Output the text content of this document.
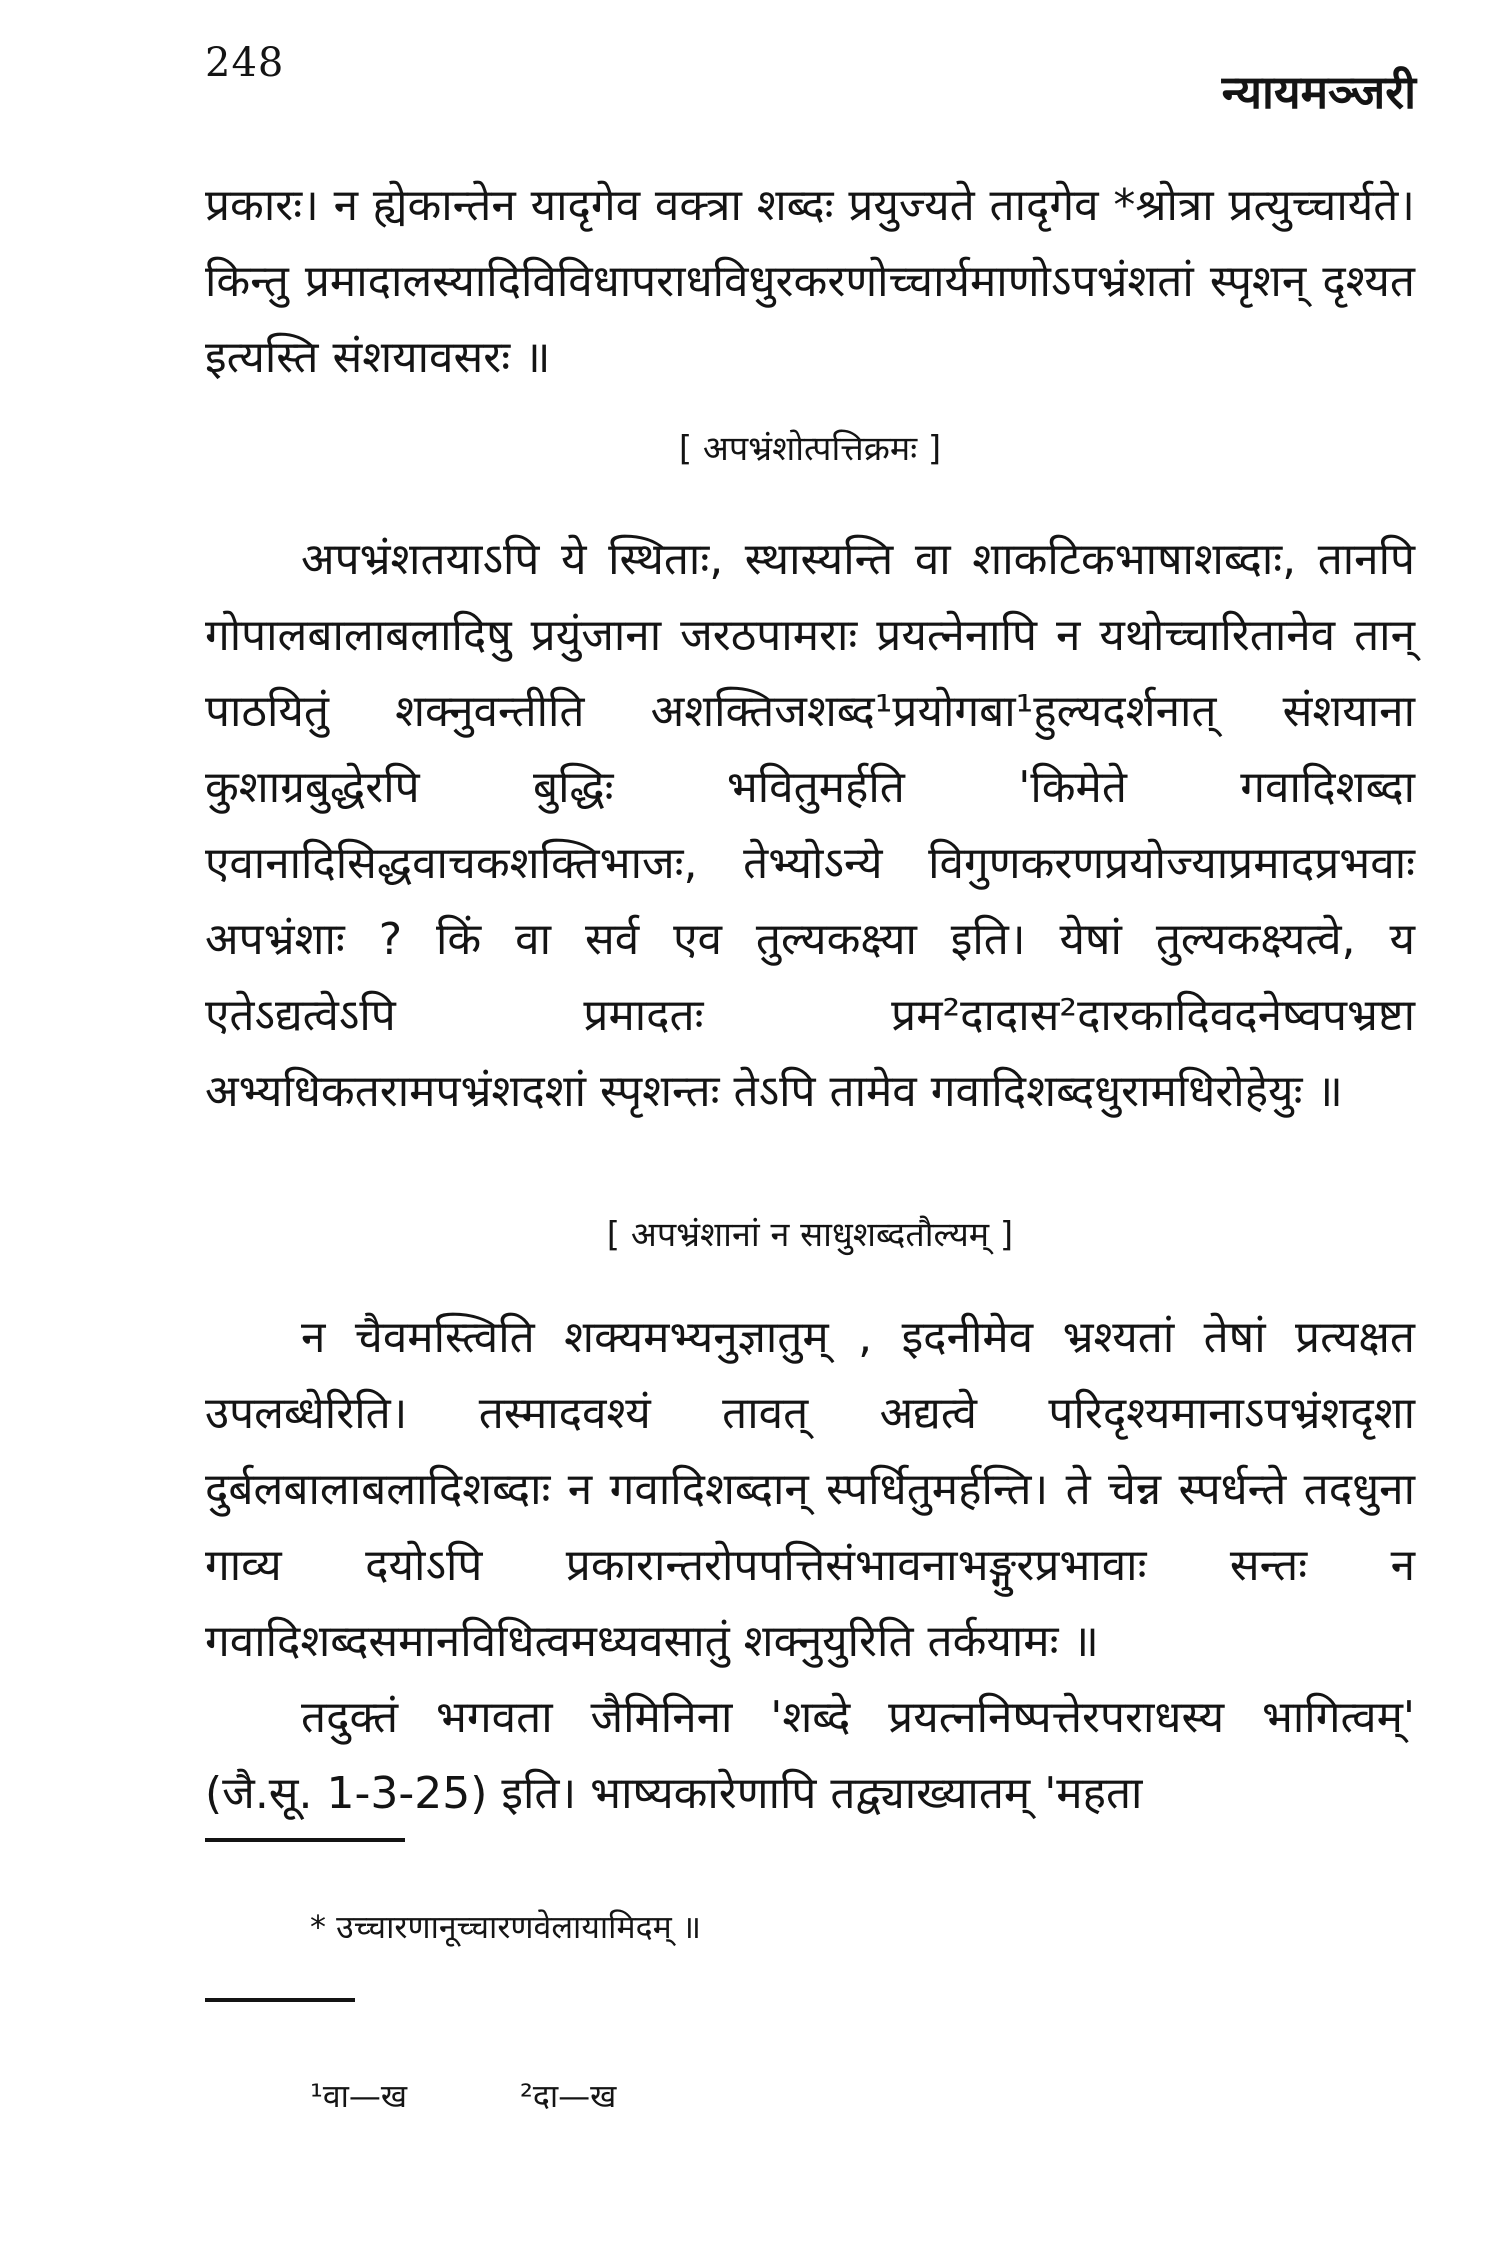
248
न्यायमञ्जरी

प्रकारः। न ह्येकान्तेन यादृगेव वक्त्रा शब्दः प्रयुज्यते तादृगेव *श्रोत्रा प्रत्युच्चार्यते। किन्तु प्रमादालस्यादिविविधापराधविधुरकरणोच्चार्यमाणोऽपभ्रंशतां स्पृशन् दृश्यत इत्यस्ति संशयावसरः ॥

[ अपभ्रंशोत्पत्तिक्रमः ]

अपभ्रंशतयाऽपि ये स्थिताः, स्थास्यन्ति वा शाकटिकभाषाशब्दाः, तानपि गोपालबालाबलादिषु प्रयुंजाना जरठपामराः प्रयत्नेनापि न यथोच्चारितानेव तान् पाठयितुं शक्नुवन्तीति अशक्तिजशब्द¹प्रयोगबा¹हुल्यदर्शनात् संशयाना कुशाग्रबुद्धेरपि बुद्धिः भवितुमर्हति 'किमेते गवादिशब्दा एवानादिसिद्धवाचकशक्तिभाजः, तेभ्योऽन्ये विगुणकरणप्रयोज्याप्रमादप्रभवाः अपभ्रंशाः ? किं वा सर्व एव तुल्यकक्ष्या इति। येषां तुल्यकक्ष्यत्वे, य एतेऽद्यत्वेऽपि प्रमादतः प्रम²दादास²दारकादिवदनेष्वपभ्रष्टा अभ्यधिकतरामपभ्रंशदशां स्पृशन्तः तेऽपि तामेव गवादिशब्दधुरामधिरोहेयुः ॥

[ अपभ्रंशानां न साधुशब्दतौल्यम् ]

न चैवमस्त्विति शक्यमभ्यनुज्ञातुम् , इदनीमेव भ्रश्यतां तेषां प्रत्यक्षत उपलब्धेरिति। तस्मादवश्यं तावत् अद्यत्वे परिदृश्यमानाऽपभ्रंशदृशा दुर्बलबालाबलादिशब्दाः न गवादिशब्दान् स्पर्धितुमर्हन्ति। ते चेन्न स्पर्धन्ते तदधुना गाव्य दयोऽपि प्रकारान्तरोपपत्तिसंभावनाभङ्गुरप्रभावाः सन्तः न गवादिशब्दसमानविधित्वमध्यवसातुं शक्नुयुरिति तर्कयामः ॥

तदुक्तं भगवता जैमिनिना 'शब्दे प्रयत्ननिष्पत्तेरपराधस्य भागित्वम्' (जै.सू. 1-3-25) इति। भाष्यकारेणापि तद्व्याख्यातम् 'महता

* उच्चारणानूच्चारणवेलायामिदम् ॥
¹वा—ख	²दा—ख
